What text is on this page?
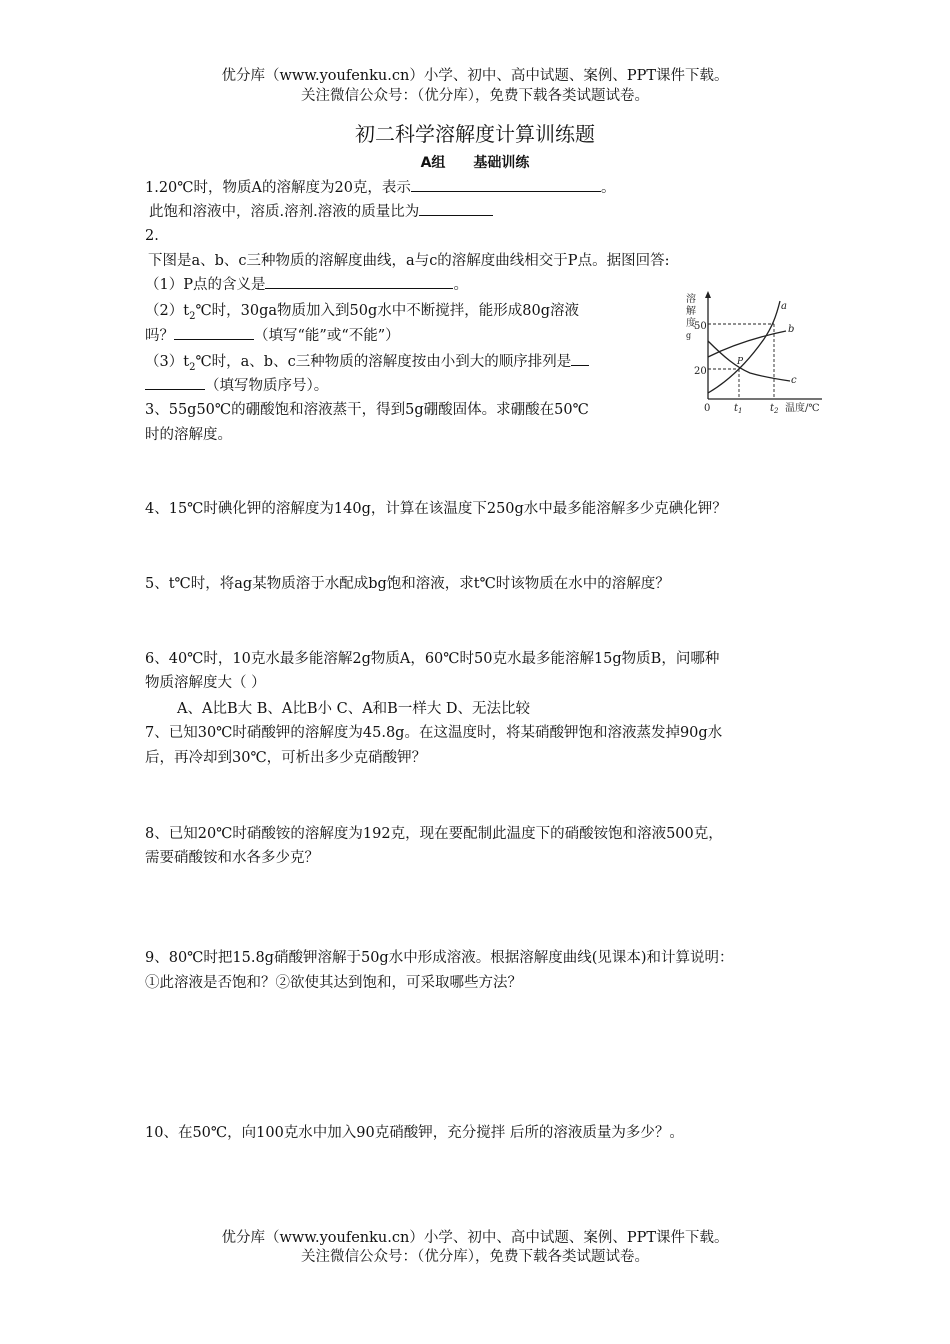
优分库（www.youfenku.cn）小学、初中、高中试题、案例、PPT课件下载。
关注微信公众号：（优分库），免费下载各类试题试卷。
初二科学溶解度计算训练题
A组 基础训练
1.20℃时，物质A的溶解度为20克，表示	。
此饱和溶液中，溶质.溶剂.溶液的质量比为
2.
下图是a、b、c三种物质的溶解度曲线，a与c的溶解度曲线相交于P点。据图回答:
（1）P点的含义是	。
$(2)t_2℃$时，30ga物质加入到50g水中不断搅拌，能形成80g溶液
吗？	（填写“能”或“不能”）
$(3)t_2℃$时，a、b、c三种物质的溶解度按由小到大的顺序排列是
（填写物质序号）。
溶
解
度
g
50
20
0 $t_1$	$t_2$ 温度/℃
a
b
c
P
3、55g50℃的硼酸饱和溶液蒸干，得到5g硼酸固体。求硼酸在50℃
时的溶解度。
4、15℃时碘化钾的溶解度为140g，计算在该温度下250g水中最多能溶解多少克碘化钾？
5、t℃时，将ag某物质溶于水配成bg饱和溶液，求t℃时该物质在水中的溶解度？
6、40℃时，10克水最多能溶解2g物质A，60℃时50克水最多能溶解15g物质B，问哪种
物质溶解度大（ ）
A、A比B大 B、A比B小 C、A和B一样大 D、无法比较
7、已知30℃时硝酸钾的溶解度为45.8g。在这温度时，将某硝酸钾饱和溶液蒸发掉90g水
后，再冷却到30℃，可析出多少克硝酸钾？
8、已知20℃时硝酸铵的溶解度为192克，现在要配制此温度下的硝酸铵饱和溶液500克，
需要硝酸铵和水各多少克？
9、80℃时把15.8g硝酸钾溶解于50g水中形成溶液。根据溶解度曲线(见课本)和计算说明：
①此溶液是否饱和？②欲使其达到饱和，可采取哪些方法？
10、在50℃，向100克水中加入90克硝酸钾，充分搅拌 后所的溶液质量为多少？。
优分库（www.youfenku.cn）小学、初中、高中试题、案例、PPT课件下载。
关注微信公众号：（优分库），免费下载各类试题试卷。
